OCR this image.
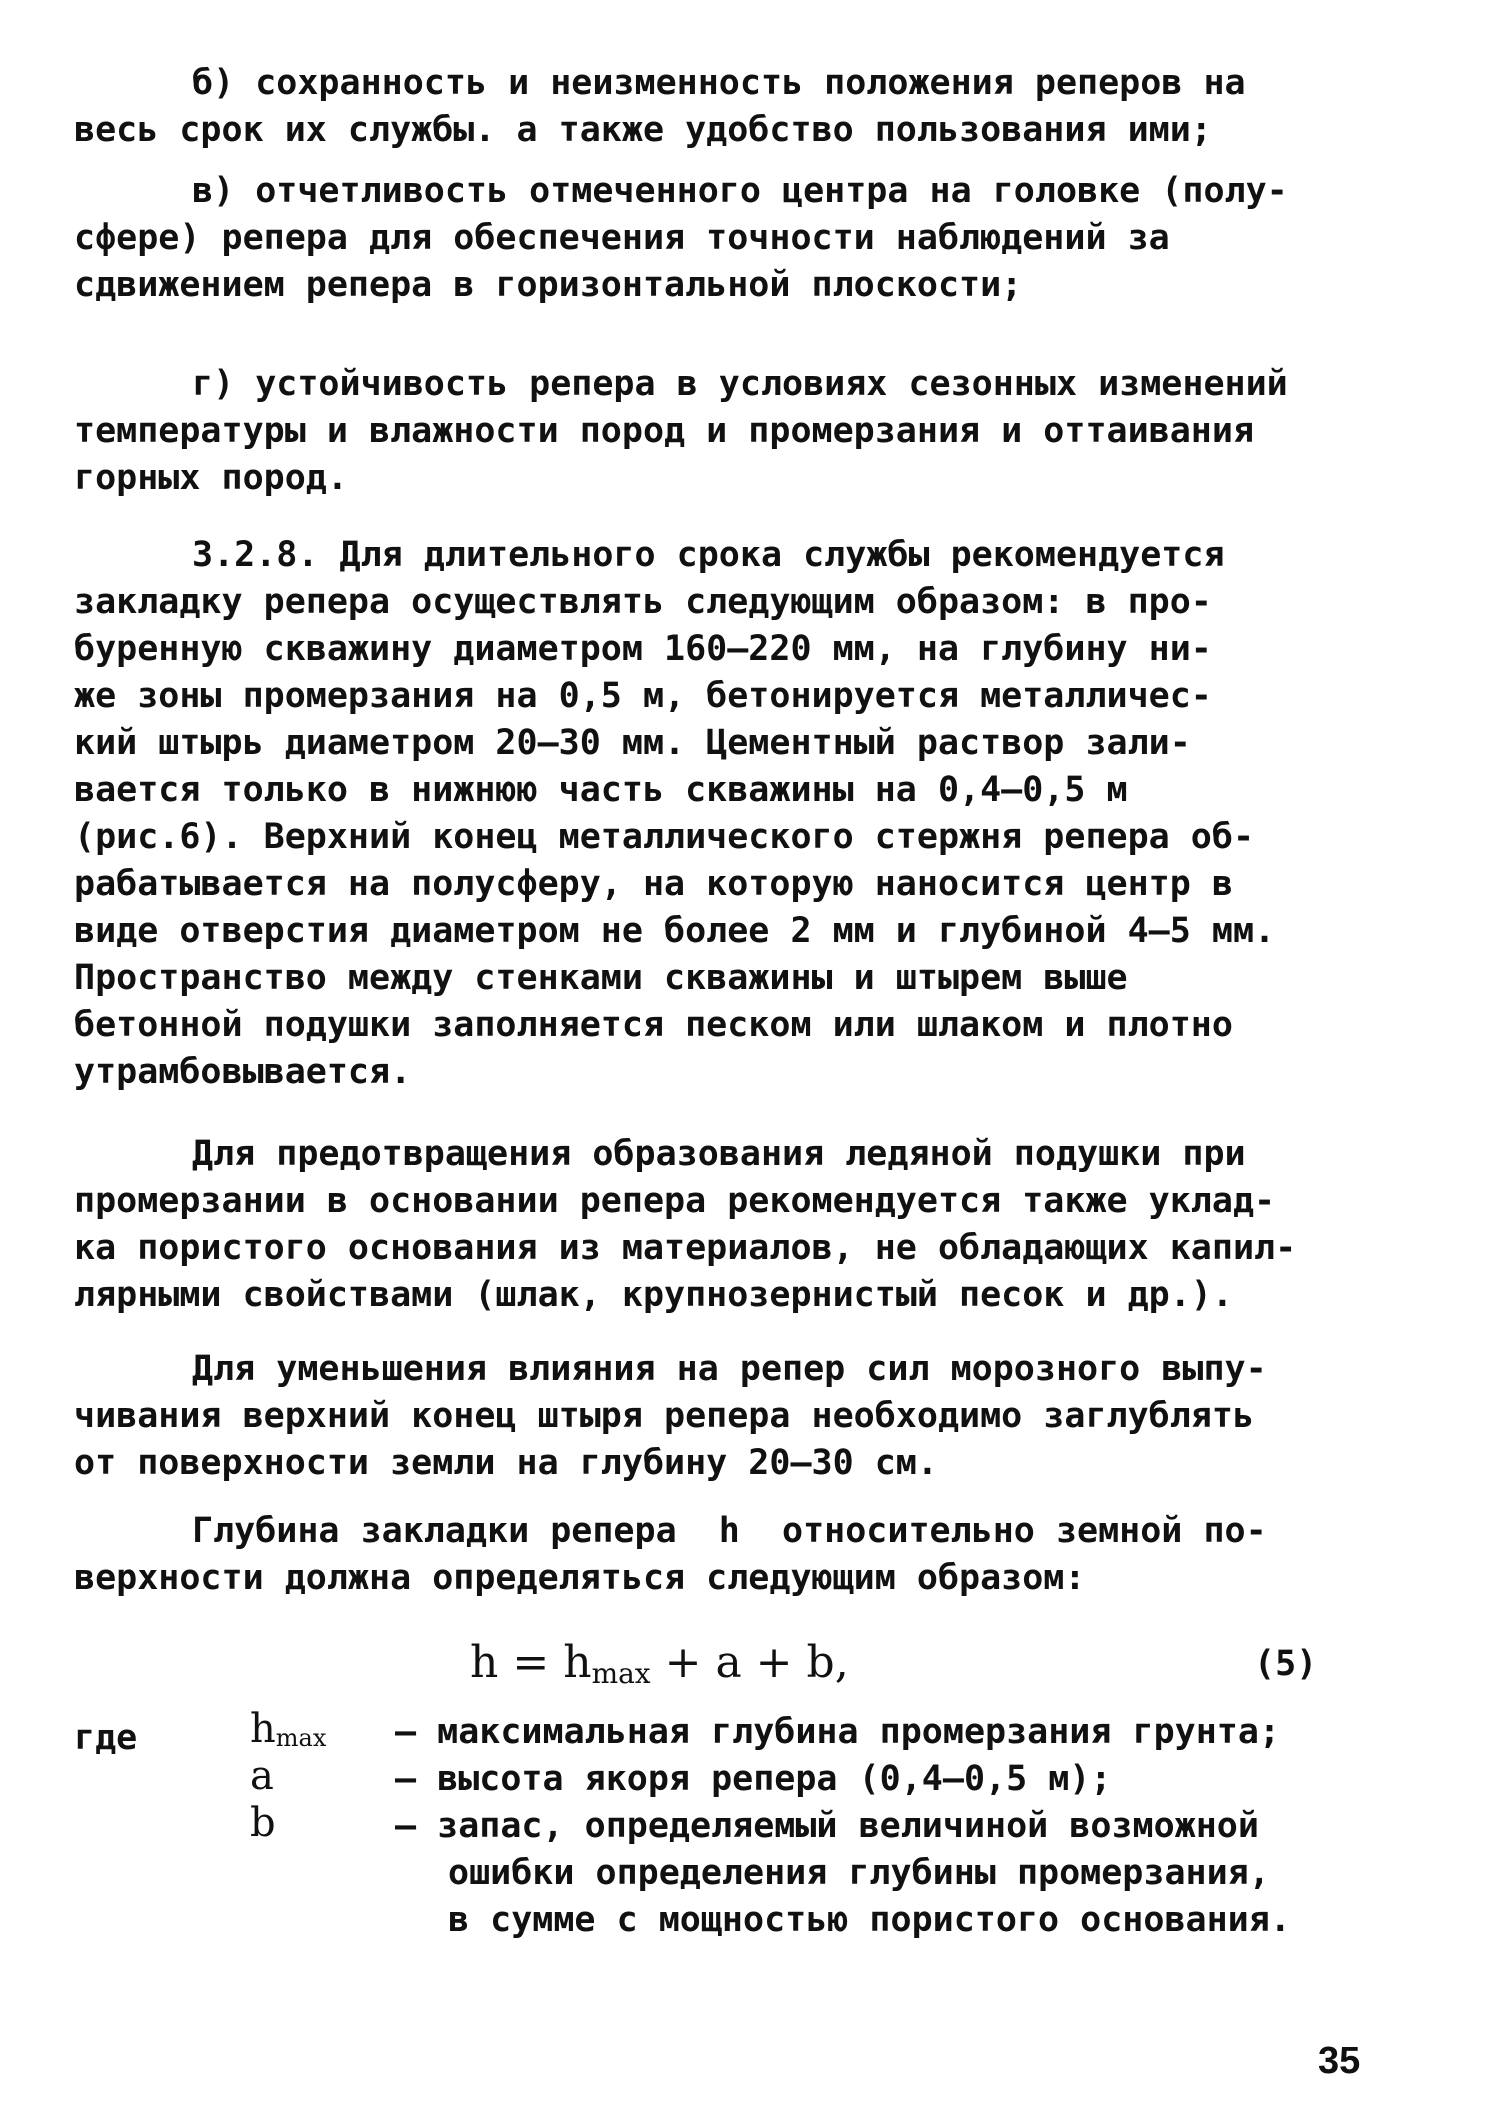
б) сохранность и неизменность положения реперов на
весь срок их службы. а также удобство пользования ими;
в) отчетливость отмеченного центра на головке (полу-
сфере) репера для обеспечения точности наблюдений за
сдвижением репера в горизонтальной плоскости;
г) устойчивость репера в условиях сезонных изменений
температуры и влажности пород и промерзания и оттаивания
горных пород.
3.2.8. Для длительного срока службы рекомендуется
закладку репера осуществлять следующим образом: в про-
буренную скважину диаметром 160–220 мм, на глубину ни-
же зоны промерзания на 0,5 м, бетонируется металличес-
кий штырь диаметром 20–30 мм. Цементный раствор зали-
вается только в нижнюю часть скважины на 0,4–0,5 м
(рис.6). Верхний конец металлического стержня репера об-
рабатывается на полусферу, на которую наносится центр в
виде отверстия диаметром не более 2 мм и глубиной 4–5 мм.
Пространство между стенками скважины и штырем выше
бетонной подушки заполняется песком или шлаком и плотно
утрамбовывается.
Для предотвращения образования ледяной подушки при
промерзании в основании репера рекомендуется также уклад-
ка пористого основания из материалов, не обладающих капил-
лярными свойствами (шлак, крупнозернистый песок и др.).
Для уменьшения влияния на репер сил морозного выпу-
чивания верхний конец штыря репера необходимо заглублять
от поверхности земли на глубину 20–30 см.
Глубина закладки репера  h  относительно земной по-
верхности должна определяться следующим образом:
$h = h_{max} + a + b$,	(5)
где	$h_{max}$	– максимальная глубина промерзания грунта;
a	– высота якоря репера (0,4–0,5 м);
b	– запас, определяемый величиной возможной
ошибки определения глубины промерзания,
в сумме с мощностью пористого основания.
35
